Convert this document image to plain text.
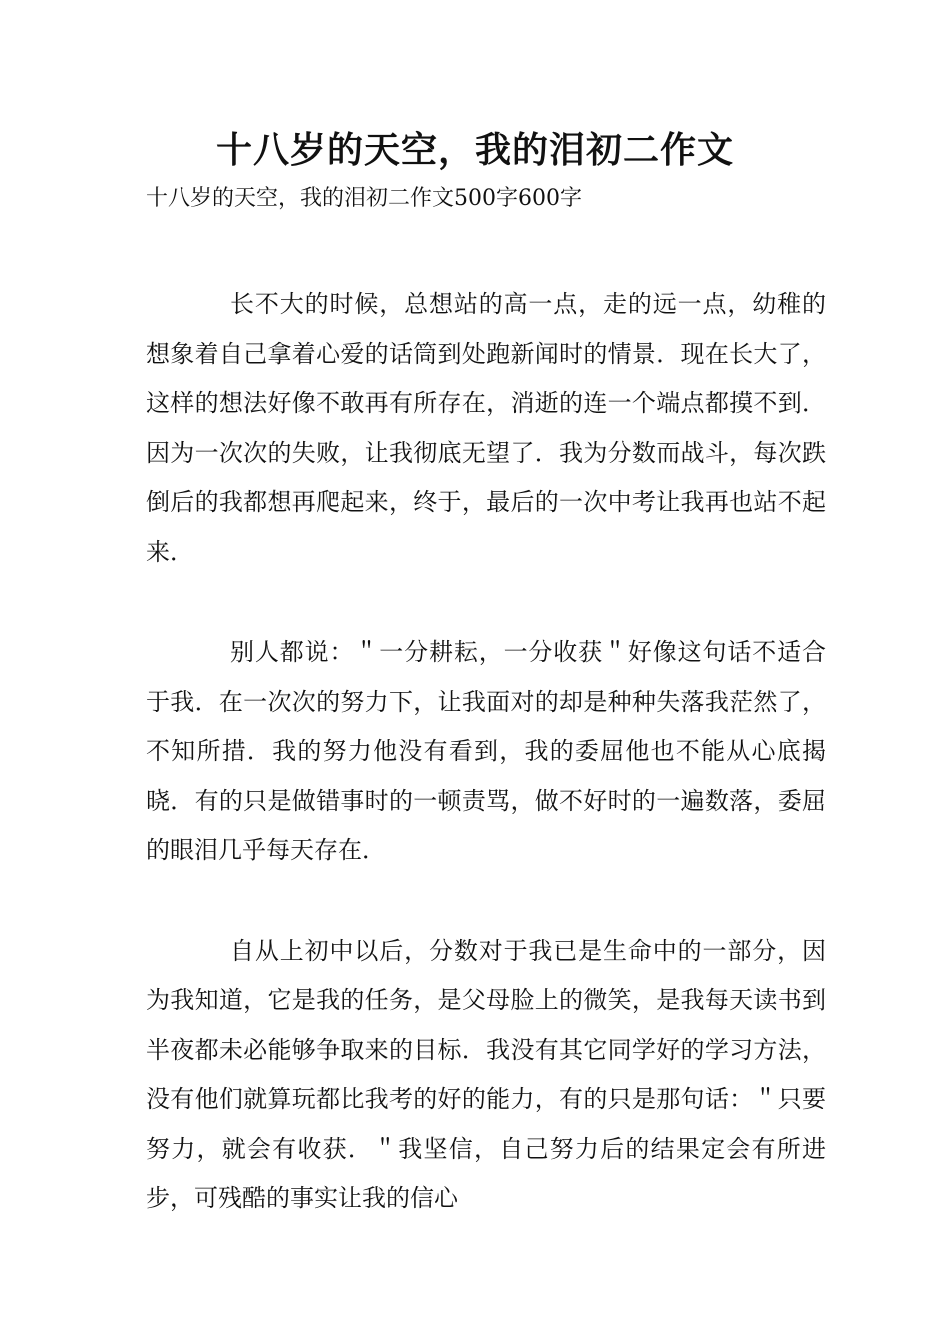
十八岁的天空，我的泪初二作文

十八岁的天空，我的泪初二作文500字600字

长不大的时候，总想站的高一点，走的远一点，幼稚的想象着自己拿着心爱的话筒到处跑新闻时的情景．现在长大了，这样的想法好像不敢再有所存在，消逝的连一个端点都摸不到．因为一次次的失败，让我彻底无望了．我为分数而战斗，每次跌倒后的我都想再爬起来，终于，最后的一次中考让我再也站不起来．

别人都说：＂一分耕耘，一分收获＂好像这句话不适合于我．在一次次的努力下，让我面对的却是种种失落我茫然了，不知所措．我的努力他没有看到，我的委屈他也不能从心底揭晓．有的只是做错事时的一顿责骂，做不好时的一遍数落，委屈的眼泪几乎每天存在．

自从上初中以后，分数对于我已是生命中的一部分，因为我知道，它是我的任务，是父母脸上的微笑，是我每天读书到半夜都未必能够争取来的目标．我没有其它同学好的学习方法，没有他们就算玩都比我考的好的能力，有的只是那句话：＂只要努力，就会有收获．＂我坚信，自己努力后的结果定会有所进步，可残酷的事实让我的信心
